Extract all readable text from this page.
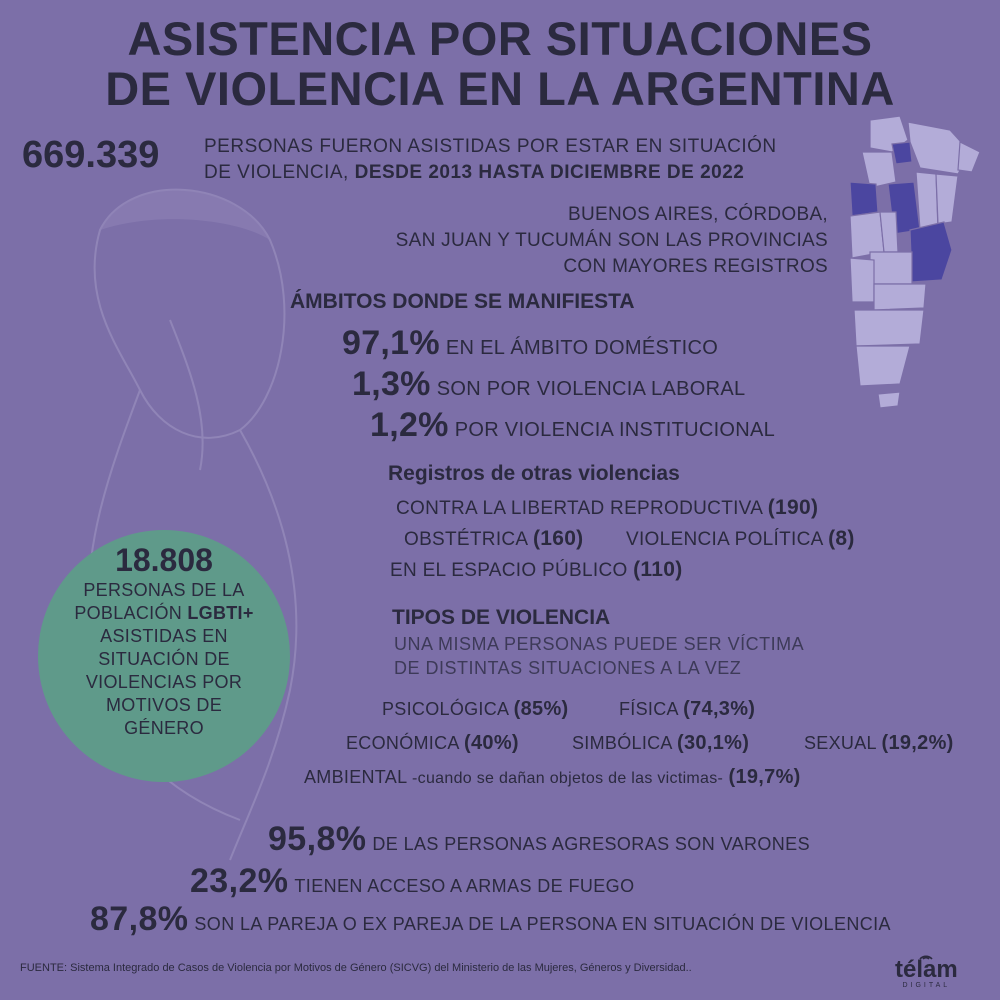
ASISTENCIA POR SITUACIONES
DE VIOLENCIA EN LA ARGENTINA
669.339 PERSONAS FUERON ASISTIDAS POR ESTAR EN SITUACIÓN
DE VIOLENCIA, DESDE 2013 HASTA DICIEMBRE DE 2022
BUENOS AIRES, CÓRDOBA,
SAN JUAN Y TUCUMÁN SON LAS PROVINCIAS
CON MAYORES REGISTROS
ÁMBITOS DONDE SE MANIFIESTA
97,1% EN EL ÁMBITO DOMÉSTICO
1,3% SON POR VIOLENCIA LABORAL
1,2% POR VIOLENCIA INSTITUCIONAL
Registros de otras violencias
CONTRA LA LIBERTAD REPRODUCTIVA (190)
OBSTÉTRICA (160) VIOLENCIA POLÍTICA (8)
EN EL ESPACIO PÚBLICO (110)
TIPOS DE VIOLENCIA
UNA MISMA PERSONAS PUEDE SER VÍCTIMA
DE DISTINTAS SITUACIONES A LA VEZ
PSICOLÓGICA (85%)	FÍSICA (74,3%)
ECONÓMICA (40%)	SIMBÓLICA (30,1%)	SEXUAL (19,2%)
AMBIENTAL -cuando se dañan objetos de las victimas- (19,7%)
18.808
PERSONAS DE LA
POBLACIÓN LGBTI+
ASISTIDAS EN
SITUACIÓN DE
VIOLENCIAS POR
MOTIVOS DE
GÉNERO
95,8% DE LAS PERSONAS AGRESORAS SON VARONES
23,2% TIENEN ACCESO A ARMAS DE FUEGO
87,8% SON LA PAREJA O EX PAREJA DE LA PERSONA EN SITUACIÓN DE VIOLENCIA
FUENTE: Sistema Integrado de Casos de Violencia por Motivos de Género (SICVG) del Ministerio de las Mujeres, Géneros y Diversidad..	télam
DIGITAL
